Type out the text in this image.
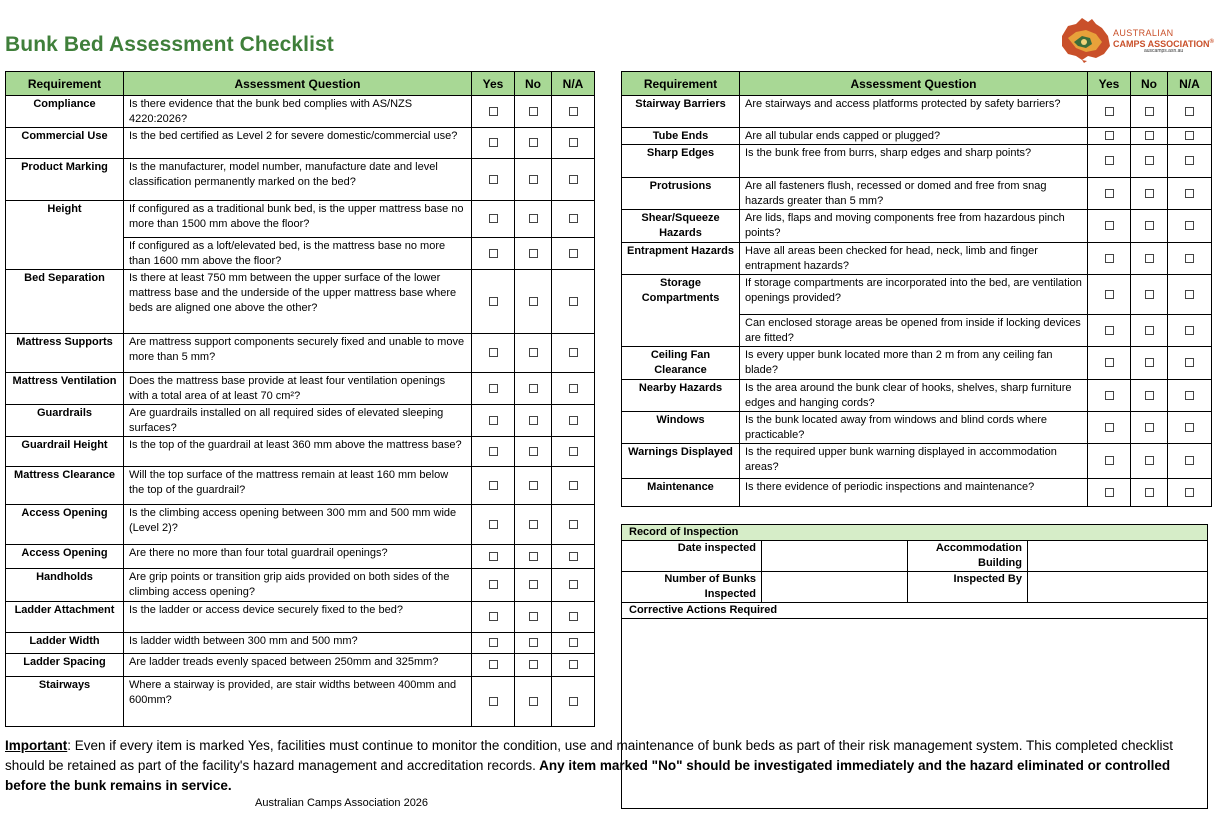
Bunk Bed Assessment Checklist	AUSTRALIAN
CAMPS ASSOCIATION®
auscamps.asn.au
Requirement	Assessment Question	Yes	No	N/A
Compliance	Is there evidence that the bunk bed complies with AS/NZS 4220:2026?			
Commercial Use	Is the bed certified as Level 2 for severe domestic/commercial use?			
Product Marking	Is the manufacturer, model number, manufacture date and level classification permanently marked on the bed?			
Height	If configured as a traditional bunk bed, is the upper mattress base no more than 1500 mm above the floor?			
	If configured as a loft/elevated bed, is the mattress base no more than 1600 mm above the floor?			
Bed Separation	Is there at least 750 mm between the upper surface of the lower mattress base and the underside of the upper mattress base where beds are aligned one above the other?			
Mattress Supports	Are mattress support components securely fixed and unable to move more than 5 mm?			
Mattress Ventilation	Does the mattress base provide at least four ventilation openings with a total area of at least 70 cm²?			
Guardrails	Are guardrails installed on all required sides of elevated sleeping surfaces?			
Guardrail Height	Is the top of the guardrail at least 360 mm above the mattress base?			
Mattress Clearance	Will the top surface of the mattress remain at least 160 mm below the top of the guardrail?			
Access Opening	Is the climbing access opening between 300 mm and 500 mm wide (Level 2)?			
Access Opening	Are there no more than four total guardrail openings?			
Handholds	Are grip points or transition grip aids provided on both sides of the climbing access opening?			
Ladder Attachment	Is the ladder or access device securely fixed to the bed?			
Ladder Width	Is ladder width between 300 mm and 500 mm?			
Ladder Spacing	Are ladder treads evenly spaced between 250mm and 325mm?			
Stairways	Where a stairway is provided, are stair widths between 400mm and 600mm?			
Requirement	Assessment Question	Yes	No	N/A
Stairway Barriers	Are stairways and access platforms protected by safety barriers?			
Tube Ends	Are all tubular ends capped or plugged?			
Sharp Edges	Is the bunk free from burrs, sharp edges and sharp points?			
Protrusions	Are all fasteners flush, recessed or domed and free from snag hazards greater than 5 mm?			
Shear/Squeeze Hazards	Are lids, flaps and moving components free from hazardous pinch points?			
Entrapment Hazards	Have all areas been checked for head, neck, limb and finger entrapment hazards?			
Storage Compartments	If storage compartments are incorporated into the bed, are ventilation openings provided?			
	Can enclosed storage areas be opened from inside if locking devices are fitted?			
Ceiling Fan Clearance	Is every upper bunk located more than 2 m from any ceiling fan blade?			
Nearby Hazards	Is the area around the bunk clear of hooks, shelves, sharp furniture edges and hanging cords?			
Windows	Is the bunk located away from windows and blind cords where practicable?			
Warnings Displayed	Is the required upper bunk warning displayed in accommodation areas?			
Maintenance	Is there evidence of periodic inspections and maintenance?			
Record of Inspection			
Date inspected		Accommodation Building	
Number of Bunks Inspected		Inspected By	
Corrective Actions Required			

Important: Even if every item is marked Yes, facilities must continue to monitor the condition, use and maintenance of bunk beds as part of their risk management system. This completed checklist should be retained as part of the facility's hazard management and accreditation records. Any item marked "No" should be investigated immediately and the hazard eliminated or controlled before the bunk remains in service.
Australian Camps Association 2026
